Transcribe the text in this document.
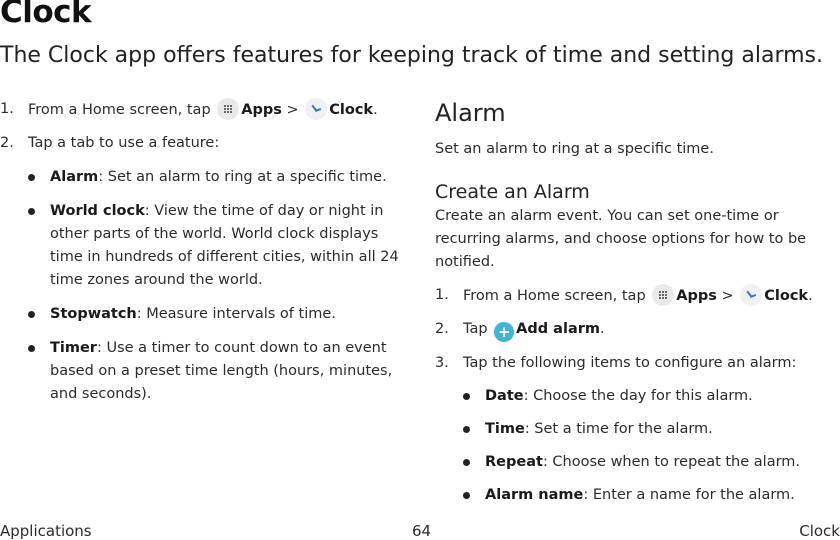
Clock
The Clock app offers features for keeping track of time and setting alarms.
1. From a Home screen, tap Apps > Clock.
2. Tap a tab to use a feature:
Alarm: Set an alarm to ring at a specific time.
World clock: View the time of day or night in other parts of the world. World clock displays time in hundreds of different cities, within all 24 time zones around the world.
Stopwatch: Measure intervals of time.
Timer: Use a timer to count down to an event based on a preset time length (hours, minutes, and seconds).
Alarm
Set an alarm to ring at a specific time.
Create an Alarm
Create an alarm event. You can set one-time or recurring alarms, and choose options for how to be notified.
1. From a Home screen, tap Apps > Clock.
2. Tap + Add alarm.
3. Tap the following items to configure an alarm:
Date: Choose the day for this alarm.
Time: Set a time for the alarm.
Repeat: Choose when to repeat the alarm.
Alarm name: Enter a name for the alarm.
Applications	64	Clock
